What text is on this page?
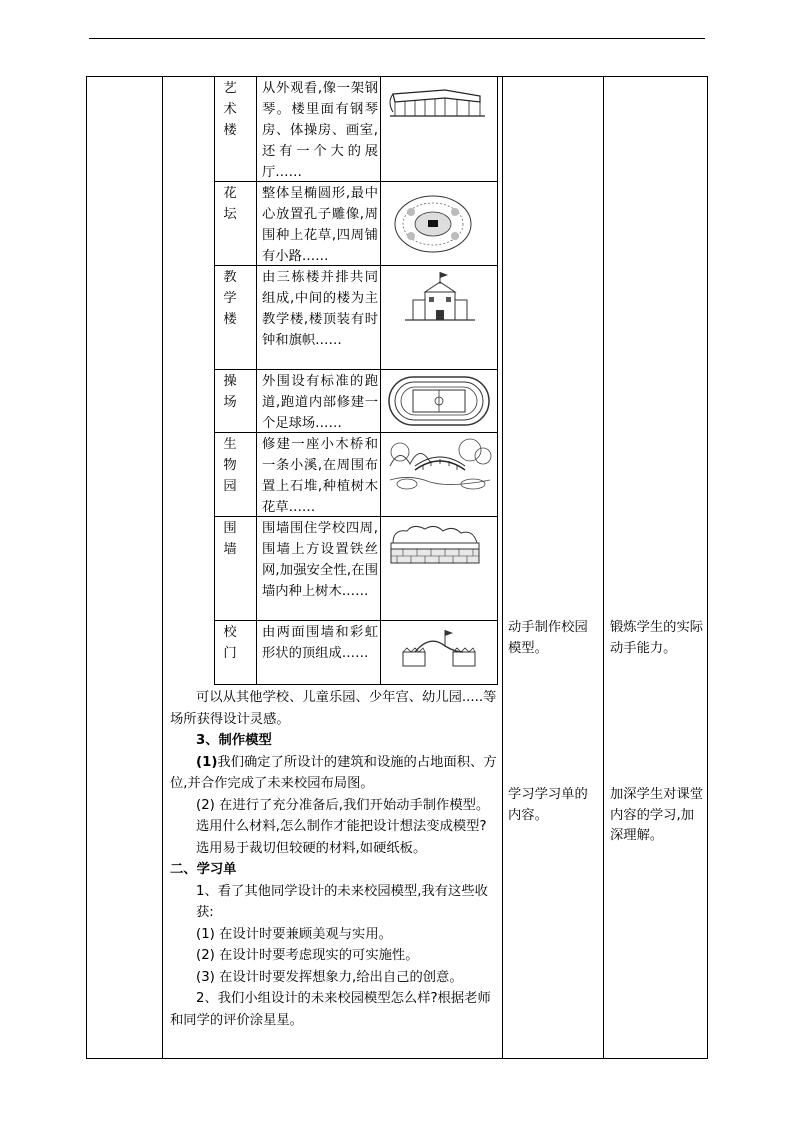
艺术楼
从外观看,像一架钢琴。楼里面有钢琴房、体操房、画室,还有一个大的展厅……
花坛
整体呈椭圆形,最中心放置孔子雕像,周围种上花草,四周铺有小路……
教学楼
由三栋楼并排共同组成,中间的楼为主教学楼,楼顶装有时钟和旗帜……
操场
外围设有标准的跑道,跑道内部修建一个足球场……
生物园
修建一座小木桥和一条小溪,在周围布置上石堆,种植树木花草……
围墙
围墙围住学校四周,围墙上方设置铁丝网,加强安全性,在围墙内种上树木……
校门
由两面围墙和彩虹形状的顶组成……

可以从其他学校、儿童乐园、少年宫、幼儿园.....等场所获得设计灵感。

3、制作模型

(1)我们确定了所设计的建筑和设施的占地面积、方位,并合作完成了未来校园布局图。

(2) 在进行了充分准备后,我们开始动手制作模型。

选用什么材料,怎么制作才能把设计想法变成模型?

选用易于裁切但较硬的材料,如硬纸板。

二、学习单

1、看了其他同学设计的未来校园模型,我有这些收获:

(1) 在设计时要兼顾美观与实用。

(2) 在设计时要考虑现实的可实施性。

(3) 在设计时要发挥想象力,给出自己的创意。

2、我们小组设计的未来校园模型怎么样?根据老师和同学的评价涂星星。

动手制作校园模型。
学习学习单的内容。
锻炼学生的实际动手能力。
加深学生对课堂内容的学习,加深理解。
